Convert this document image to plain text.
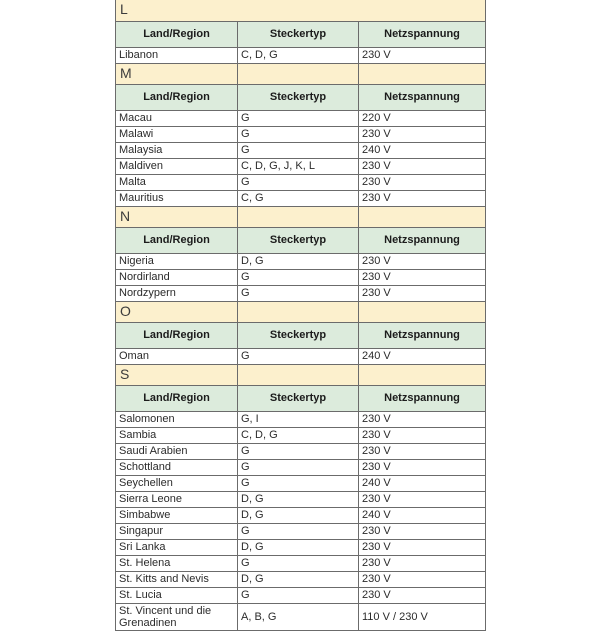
L		
Land/Region	Steckertyp	Netzspannung
Libanon	C, D, G	230 V
M		
Land/Region	Steckertyp	Netzspannung
Macau	G	220 V
Malawi	G	230 V
Malaysia	G	240 V
Maldiven	C, D, G, J, K, L	230 V
Malta	G	230 V
Mauritius	C, G	230 V
N		
Land/Region	Steckertyp	Netzspannung
Nigeria	D, G	230 V
Nordirland	G	230 V
Nordzypern	G	230 V
O		
Land/Region	Steckertyp	Netzspannung
Oman	G	240 V
S		
Land/Region	Steckertyp	Netzspannung
Salomonen	G, I	230 V
Sambia	C, D, G	230 V
Saudi Arabien	G	230 V
Schottland	G	230 V
Seychellen	G	240 V
Sierra Leone	D, G	230 V
Simbabwe	D, G	240 V
Singapur	G	230 V
Sri Lanka	D, G	230 V
St. Helena	G	230 V
St. Kitts and Nevis	D, G	230 V
St. Lucia	G	230 V
St. Vincent und die Grenadinen	A, B, G	110 V / 230 V
